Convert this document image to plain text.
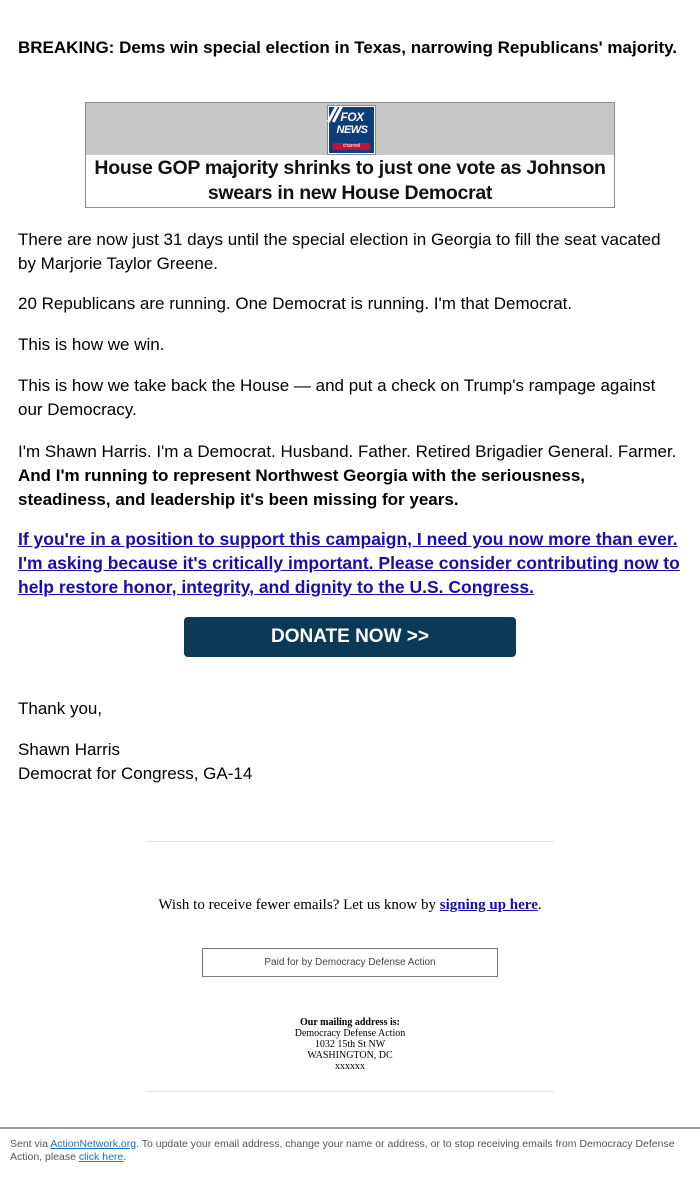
BREAKING: Dems win special election in Texas, narrowing Republicans' majority.
FOX
NEWS
channel
House GOP majority shrinks to just one vote as Johnson swears in new House Democrat
There are now just 31 days until the special election in Georgia to fill the seat vacated by Marjorie Taylor Greene.
20 Republicans are running. One Democrat is running. I'm that Democrat.
This is how we win.
This is how we take back the House — and put a check on Trump's rampage against our Democracy.
I'm Shawn Harris. I'm a Democrat. Husband. Father. Retired Brigadier General. Farmer. And I'm running to represent Northwest Georgia with the seriousness, steadiness, and leadership it's been missing for years.
If you're in a position to support this campaign, I need you now more than ever. I'm asking because it's critically important. Please consider contributing now to help restore honor, integrity, and dignity to the U.S. Congress.
DONATE NOW >>
Thank you,
Shawn Harris
Democrat for Congress, GA-14
Wish to receive fewer emails? Let us know by signing up here.
Paid for by Democracy Defense Action
Our mailing address is:
Democracy Defense Action
1032 15th St NW
WASHINGTON, DC
xxxxxx
Sent via ActionNetwork.org. To update your email address, change your name or address, or to stop receiving emails from Democracy Defense Action, please click here.
